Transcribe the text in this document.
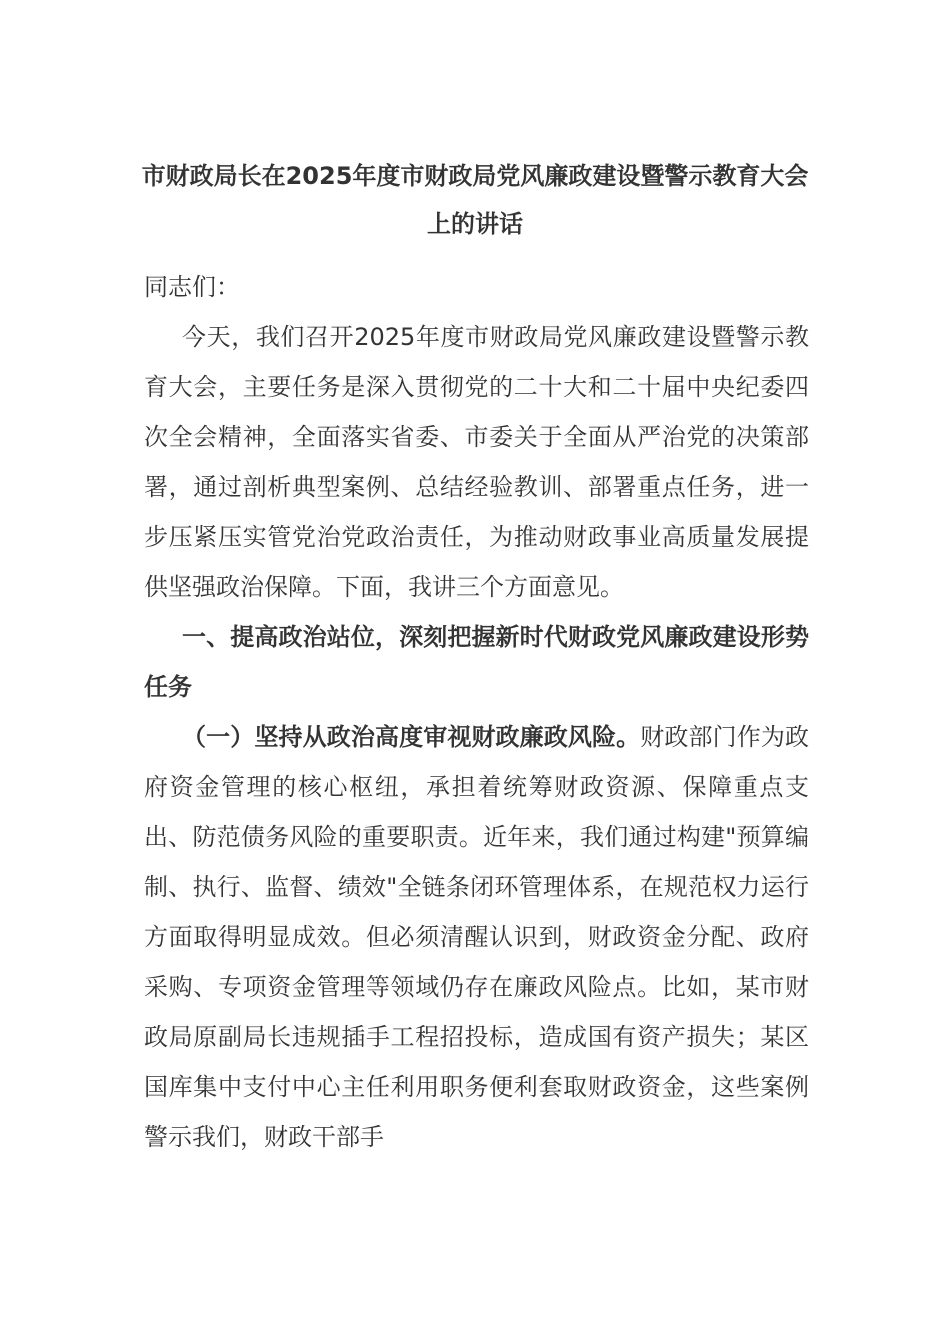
市财政局长在2025年度市财政局党风廉政建设暨警示教育大会上的讲话

同志们：

今天，我们召开2025年度市财政局党风廉政建设暨警示教育大会，主要任务是深入贯彻党的二十大和二十届中央纪委四次全会精神，全面落实省委、市委关于全面从严治党的决策部署，通过剖析典型案例、总结经验教训、部署重点任务，进一步压紧压实管党治党政治责任，为推动财政事业高质量发展提供坚强政治保障。下面，我讲三个方面意见。

一、提高政治站位，深刻把握新时代财政党风廉政建设形势任务

（一）坚持从政治高度审视财政廉政风险。财政部门作为政府资金管理的核心枢纽，承担着统筹财政资源、保障重点支出、防范债务风险的重要职责。近年来，我们通过构建"预算编制、执行、监督、绩效"全链条闭环管理体系，在规范权力运行方面取得明显成效。但必须清醒认识到，财政资金分配、政府采购、专项资金管理等领域仍存在廉政风险点。比如，某市财政局原副局长违规插手工程招投标，造成国有资产损失；某区国库集中支付中心主任利用职务便利套取财政资金，这些案例警示我们，财政干部手
